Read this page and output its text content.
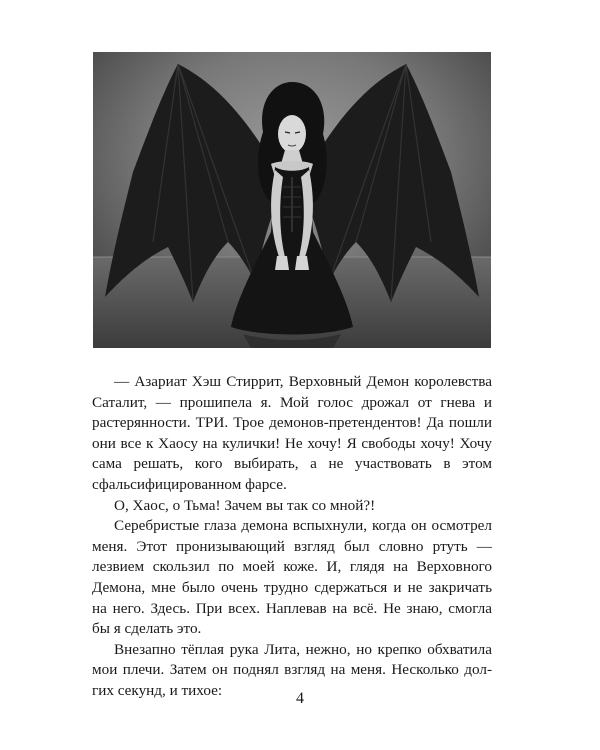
— Азариат Хэш Стиррит, Верховный Демон королевства Саталит, — прошипела я. Мой голос дрожал от гнева и растерянности. ТРИ. Трое демонов-претендентов! Да пошли они все к Хаосу на кулички! Не хочу! Я свободы хочу! Хочу сама решать, кого выбирать, а не участвовать в этом сфальсифицированном фарсе.

О, Хаос, о Тьма! Зачем вы так со мной?!

Серебристые глаза демона вспыхнули, когда он осмотрел меня. Этот пронизывающий взгляд был словно ртуть — лезвием скользил по моей коже. И, глядя на Верховного Демона, мне было очень трудно сдержаться и не закричать на него. Здесь. При всех. Наплевав на всё. Не знаю, смогла бы я сделать это.

Внезапно тёплая рука Лита, нежно, но крепко обхватила мои плечи. Затем он поднял взгляд на меня. Несколько долгих секунд, и тихое:	4
